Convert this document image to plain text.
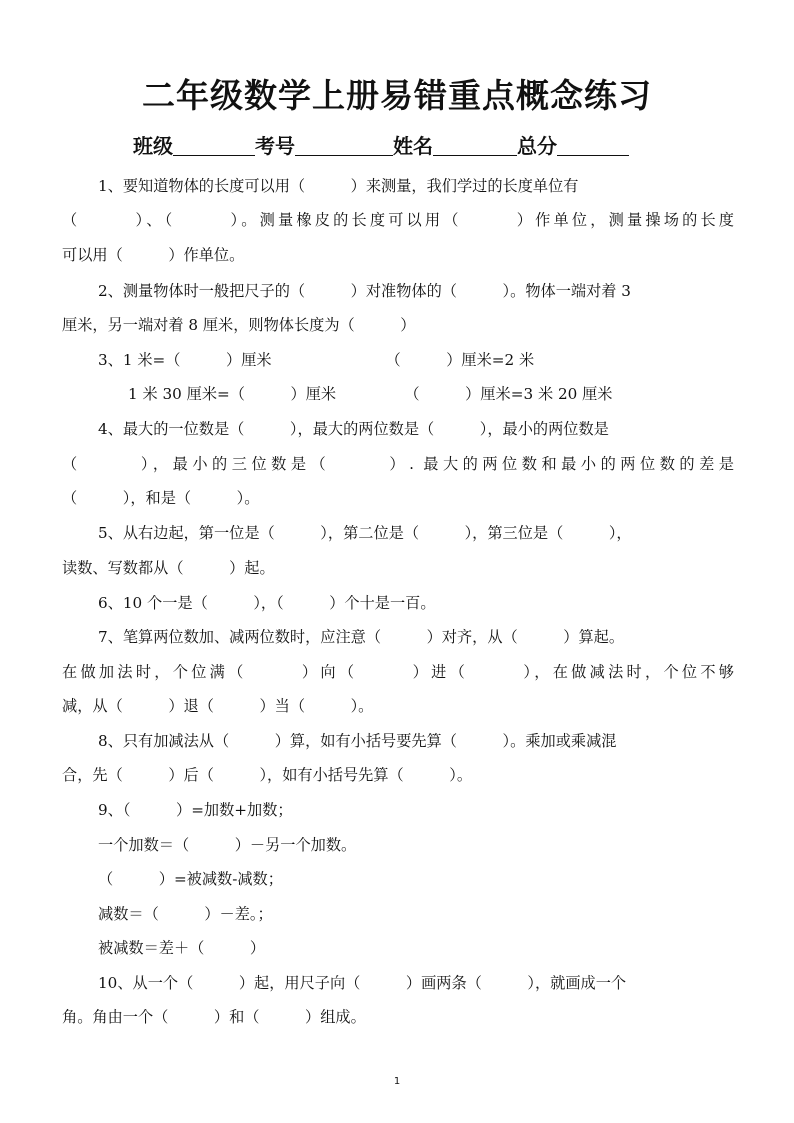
二年级数学上册易错重点概念练习
班级	考号	姓名	总分
1、要知道物体的长度可以用（　　　）来测量，我们学过的长度单位有
（　　　）、（　　　）。测量橡皮的长度可以用（　　　）作单位，测量操场的长度
可以用（　　　）作单位。
2、测量物体时一般把尺子的（　　　）对准物体的（　　　）。物体一端对着 3
厘米，另一端对着 8 厘米，则物体长度为（　　　）
3、1 米=（　　　）厘米　　　　　　　　（　　　）厘米=2 米
1 米 30 厘米=（　　　）厘米　　　　　（　　　）厘米=3 米 20 厘米
4、最大的一位数是（　　　），最大的两位数是（　　　），最小的两位数是
（　　　），最小的三位数是（　　　）. 最大的两位数和最小的两位数的差是
（　　　），和是（　　　）。
5、从右边起，第一位是（　　　），第二位是（　　　），第三位是（　　　），
读数、写数都从（　　　）起。
6、10 个一是（　　　），（　　　）个十是一百。
7、笔算两位数加、减两位数时，应注意（　　　）对齐，从（　　　）算起。
在做加法时，个位满（　　　）向（　　　）进（　　　），在做减法时，个位不够
减，从（　　　）退（　　　）当（　　　）。
8、只有加减法从（　　　）算，如有小括号要先算（　　　）。乘加或乘减混
合，先（　　　）后（　　　），如有小括号先算（　　　）。
9、（　　　）=加数+加数；
一个加数＝（　　　）－另一个加数。
（　　　）=被减数-减数；
减数＝（　　　）－差。；
被减数＝差＋（　　　）
10、从一个（　　　）起，用尺子向（　　　）画两条（　　　），就画成一个
角。角由一个（　　　）和（　　　）组成。
1
